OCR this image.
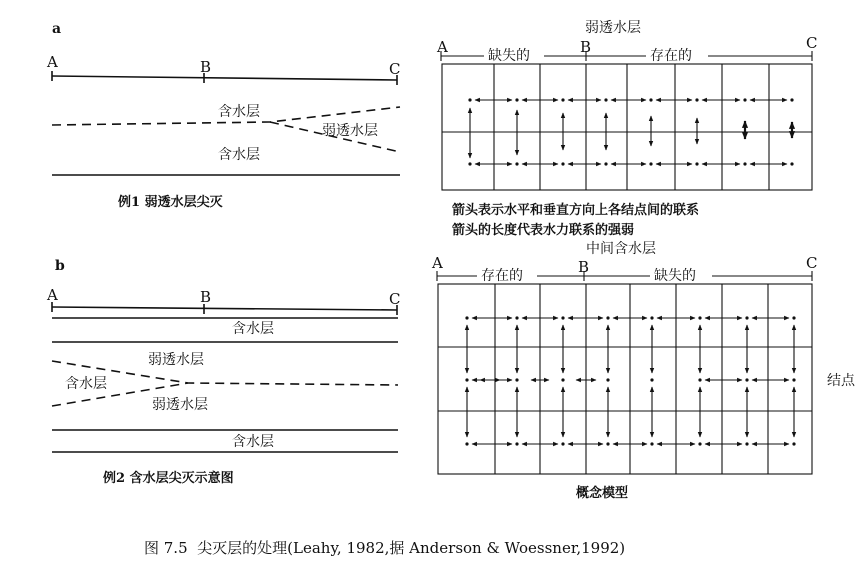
a
A	B	C
含水层
弱透水层
含水层
例1 弱透水层尖灭
b
A	B	C
含水层
弱透水层
含水层
弱透水层
含水层
例2 含水层尖灭示意图
弱透水层
A	B	C
缺失的	存在的
箭头表示水平和垂直方向上各结点间的联系
箭头的长度代表水力联系的强弱
中间含水层
A	B	C
存在的	缺失的
结点
概念模型
图 7.5  尖灭层的处理(Leahy, 1982,据 Anderson & Woessner,1992)
